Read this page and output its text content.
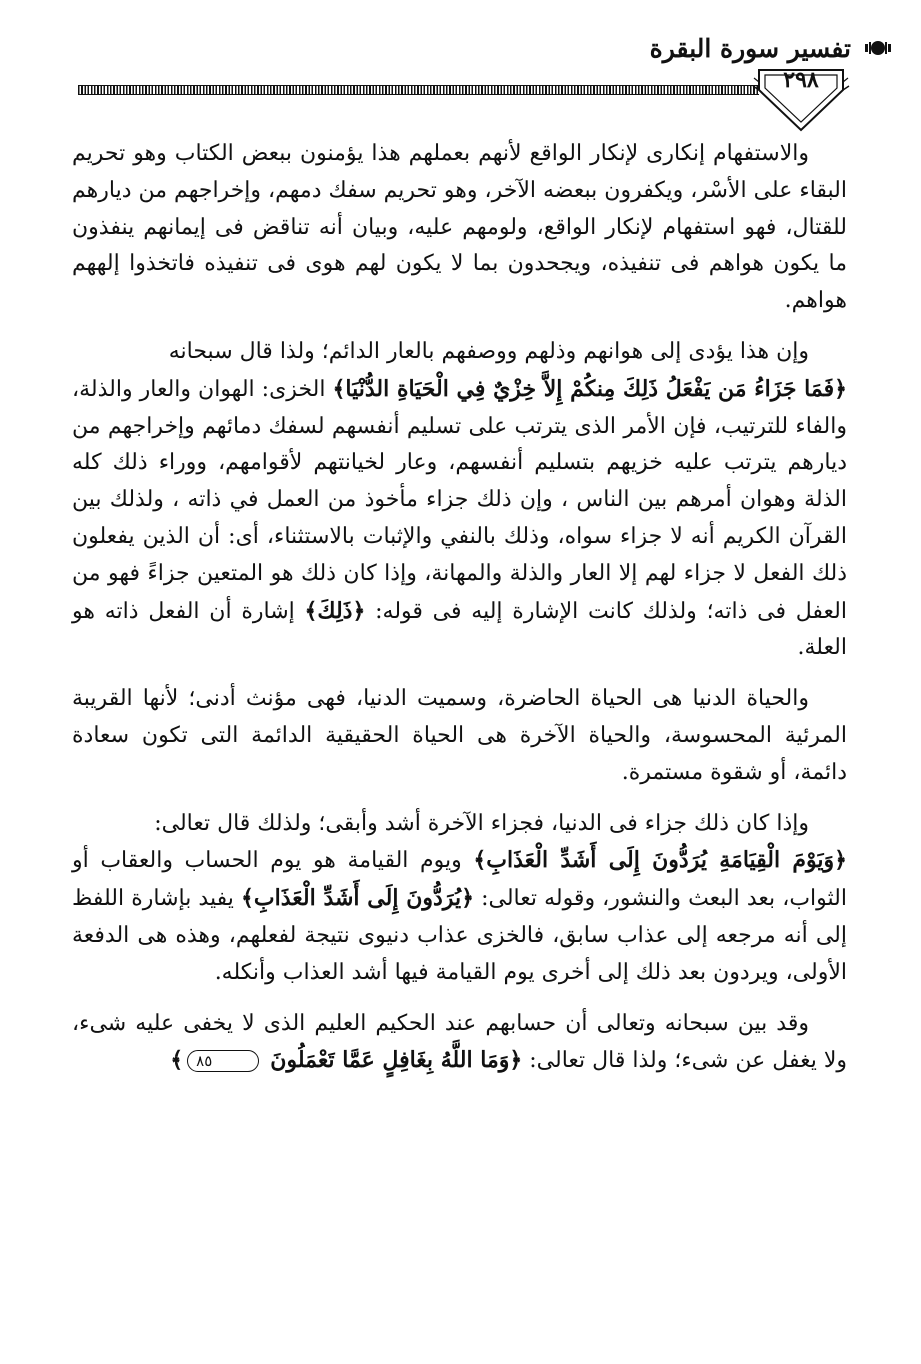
تفسير سورة البقرة
٢٩٨

والاستفهام إنكارى لإنكار الواقع لأنهم بعملهم هذا يؤمنون ببعض الكتاب وهو تحريم البقاء على الأسْر، ويكفرون ببعضه الآخر، وهو تحريم سفك دمهم، وإخراجهم من ديارهم للقتال، فهو استفهام لإنكار الواقع، ولومهم عليه، وبيان أنه تناقض فى إيمانهم ينفذون ما يكون هواهم فى تنفيذه، ويجحدون بما لا يكون لهم هوى فى تنفيذه فاتخذوا إلههم هواهم.

وإن هذا يؤدى إلى هوانهم وذلهم ووصفهم بالعار الدائم؛ ولذا قال سبحانه
﴿فَمَا جَزَاءُ مَن يَفْعَلُ ذَلِكَ مِنكُمْ إِلاَّ خِزْيٌ فِي الْحَيَاةِ الدُّنْيَا﴾ الخزى: الهوان والعار والذلة، والفاء للترتيب، فإن الأمر الذى يترتب على تسليم أنفسهم لسفك دمائهم وإخراجهم من ديارهم يترتب عليه خزيهم بتسليم أنفسهم، وعار لخيانتهم لأقوامهم، ووراء ذلك كله الذلة وهوان أمرهم بين الناس ، وإن ذلك جزاء مأخوذ من العمل في ذاته ، ولذلك بين القرآن الكريم أنه لا جزاء سواه، وذلك بالنفي والإثبات بالاستثناء، أى: أن الذين يفعلون ذلك الفعل لا جزاء لهم إلا العار والذلة والمهانة، وإذا كان ذلك هو المتعين جزاءً فهو من العفل فى ذاته؛ ولذلك كانت الإشارة إليه فى قوله: ﴿ذَلِكَ﴾ إشارة أن الفعل ذاته هو العلة.

والحياة الدنيا هى الحياة الحاضرة، وسميت الدنيا، فهى مؤنث أدنى؛ لأنها القريبة المرئية المحسوسة، والحياة الآخرة هى الحياة الحقيقية الدائمة التى تكون سعادة دائمة، أو شقوة مستمرة.

وإذا كان ذلك جزاء فى الدنيا، فجزاء الآخرة أشد وأبقى؛ ولذلك قال تعالى:
﴿وَيَوْمَ الْقِيَامَةِ يُرَدُّونَ إِلَى أَشَدِّ الْعَذَابِ﴾ ويوم القيامة هو يوم الحساب والعقاب أو الثواب، بعد البعث والنشور، وقوله تعالى: ﴿يُرَدُّونَ إِلَى أَشَدِّ الْعَذَابِ﴾ يفيد بإشارة اللفظ إلى أنه مرجعه إلى عذاب سابق، فالخزى عذاب دنيوى نتيجة لفعلهم، وهذه هى الدفعة الأولى، ويردون بعد ذلك إلى أخرى يوم القيامة فيها أشد العذاب وأنكله.

وقد بين سبحانه وتعالى أن حسابهم عند الحكيم العليم الذى لا يخفى عليه شىء، ولا يغفل عن شىء؛ ولذا قال تعالى: ﴿وَمَا اللَّهُ بِغَافِلٍ عَمَّا تَعْمَلُونَ ٨٥﴾
